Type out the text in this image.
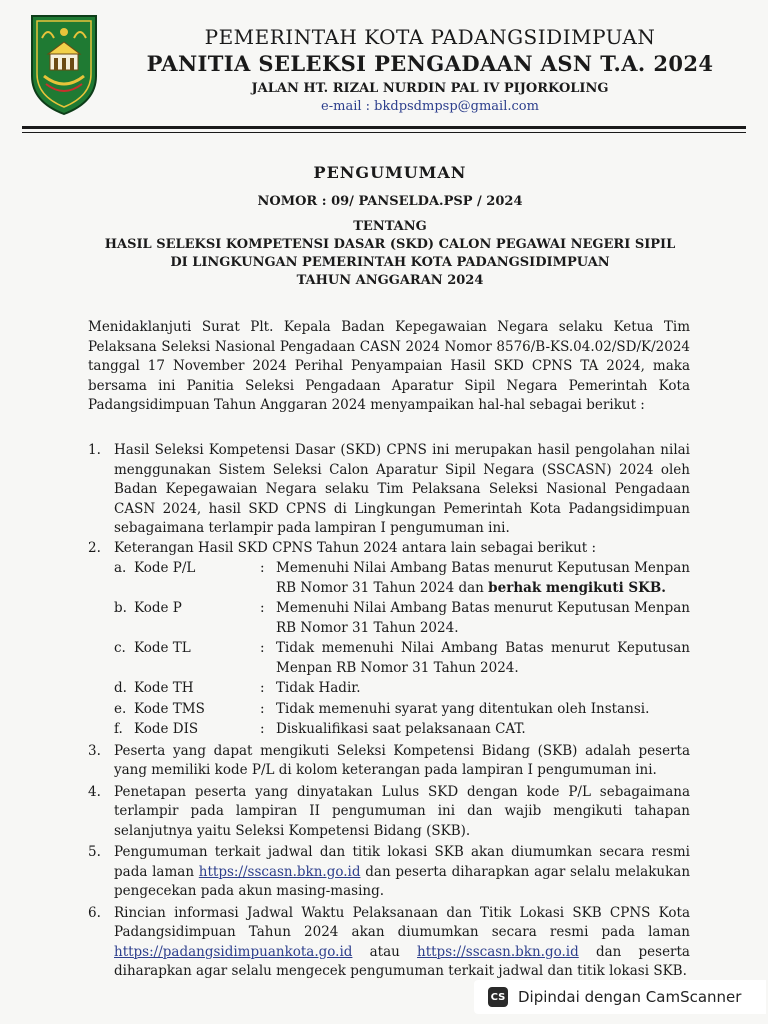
PEMERINTAH KOTA PADANGSIDIMPUAN
PANITIA SELEKSI PENGADAAN ASN T.A. 2024
JALAN HT. RIZAL NURDIN PAL IV PIJORKOLING
e-mail : bkdpsdmpsp@gmail.com
PENGUMUMAN
NOMOR : 09/ PANSELDA.PSP / 2024
TENTANG
HASIL SELEKSI KOMPETENSI DASAR (SKD) CALON PEGAWAI NEGERI SIPIL
DI LINGKUNGAN PEMERINTAH KOTA PADANGSIDIMPUAN
TAHUN ANGGARAN 2024
Menidaklanjuti Surat Plt. Kepala Badan Kepegawaian Negara selaku Ketua Tim Pelaksana Seleksi Nasional Pengadaan CASN 2024 Nomor 8576/B-KS.04.02/SD/K/2024 tanggal 17 November 2024 Perihal Penyampaian Hasil SKD CPNS TA 2024, maka bersama ini Panitia Seleksi Pengadaan Aparatur Sipil Negara Pemerintah Kota Padangsidimpuan Tahun Anggaran 2024 menyampaikan hal-hal sebagai berikut :
1. Hasil Seleksi Kompetensi Dasar (SKD) CPNS ini merupakan hasil pengolahan nilai menggunakan Sistem Seleksi Calon Aparatur Sipil Negara (SSCASN) 2024 oleh Badan Kepegawaian Negara selaku Tim Pelaksana Seleksi Nasional Pengadaan CASN 2024, hasil SKD CPNS di Lingkungan Pemerintah Kota Padangsidimpuan sebagaimana terlampir pada lampiran I pengumuman ini.
2. Keterangan Hasil SKD CPNS Tahun 2024 antara lain sebagai berikut :
a. Kode P/L	: Memenuhi Nilai Ambang Batas menurut Keputusan Menpan RB Nomor 31 Tahun 2024 dan berhak mengikuti SKB.
b. Kode P	: Memenuhi Nilai Ambang Batas menurut Keputusan Menpan RB Nomor 31 Tahun 2024.
c. Kode TL	: Tidak memenuhi Nilai Ambang Batas menurut Keputusan Menpan RB Nomor 31 Tahun 2024.
d. Kode TH	: Tidak Hadir.
e. Kode TMS	: Tidak memenuhi syarat yang ditentukan oleh Instansi.
f. Kode DIS	: Diskualifikasi saat pelaksanaan CAT.
3. Peserta yang dapat mengikuti Seleksi Kompetensi Bidang (SKB) adalah peserta yang memiliki kode P/L di kolom keterangan pada lampiran I pengumuman ini.
4. Penetapan peserta yang dinyatakan Lulus SKD dengan kode P/L sebagaimana terlampir pada lampiran II pengumuman ini dan wajib mengikuti tahapan selanjutnya yaitu Seleksi Kompetensi Bidang (SKB).
5. Pengumuman terkait jadwal dan titik lokasi SKB akan diumumkan secara resmi pada laman https://sscasn.bkn.go.id dan peserta diharapkan agar selalu melakukan pengecekan pada akun masing-masing.
6. Rincian informasi Jadwal Waktu Pelaksanaan dan Titik Lokasi SKB CPNS Kota Padangsidimpuan Tahun 2024 akan diumumkan secara resmi pada laman https://padangsidimpuankota.go.id atau https://sscasn.bkn.go.id dan peserta diharapkan agar selalu mengecek pengumuman terkait jadwal dan titik lokasi SKB.
CS Dipindai dengan CamScanner
